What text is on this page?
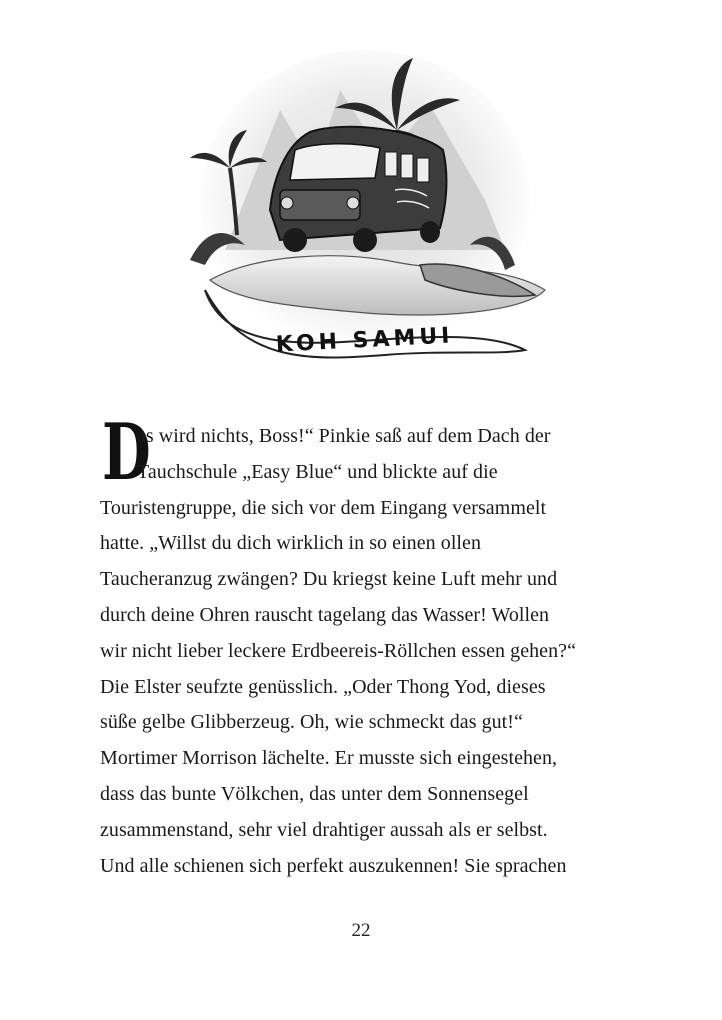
KOH SAMUI
D
as wird nichts, Boss!“ Pinkie saß auf dem Dach der
Tauchschule „Easy Blue“ und blickte auf die
Touristengruppe, die sich vor dem Eingang versammelt
hatte. „Willst du dich wirklich in so einen ollen
Taucheranzug zwängen? Du kriegst keine Luft mehr und
durch deine Ohren rauscht tagelang das Wasser! Wollen
wir nicht lieber leckere Erdbeereis-Röllchen essen gehen?“
Die Elster seufzte genüsslich. „Oder Thong Yod, dieses
süße gelbe Glibberzeug. Oh, wie schmeckt das gut!“
Mortimer Morrison lächelte. Er musste sich eingestehen,
dass das bunte Völkchen, das unter dem Sonnensegel
zusammenstand, sehr viel drahtiger aussah als er selbst.
Und alle schienen sich perfekt auszukennen! Sie sprachen
22
